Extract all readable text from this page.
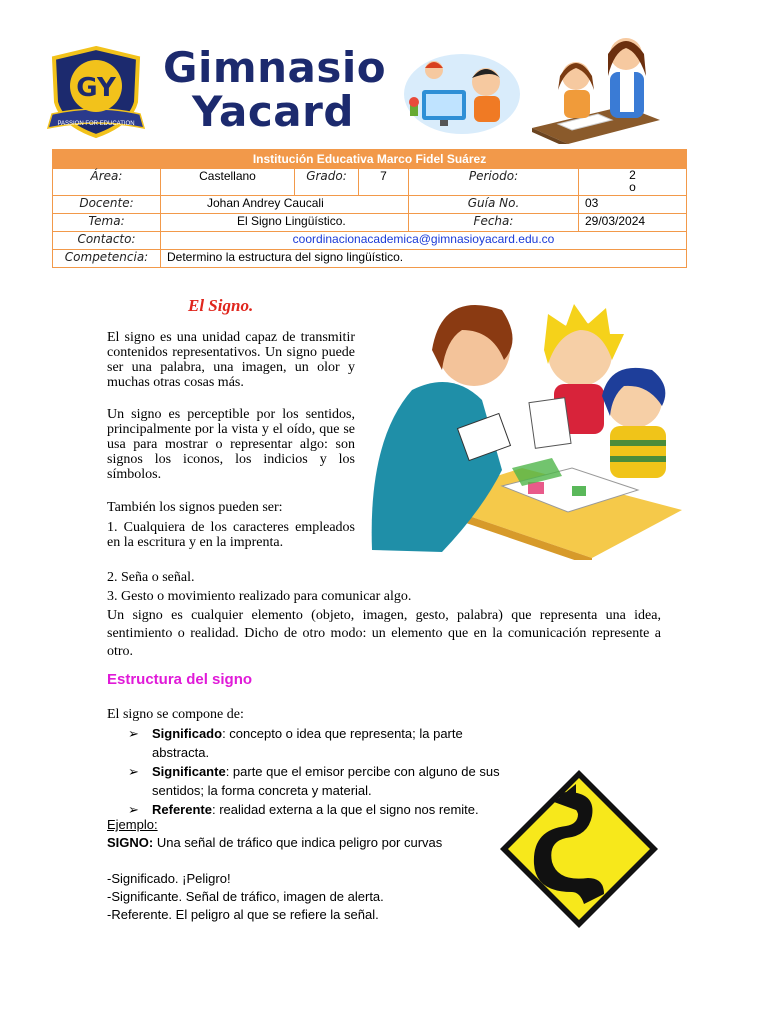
GY
PASSION FOR EDUCATION
Gimnasio
Yacard
Institución Educativa Marco Fidel Suárez					
Área:	Castellano	Grado:	7	Periodo:	2
o
Docente:	Johan Andrey Caucali			Guía No.	03
Tema:	El Signo Lingüístico.			Fecha:	29/03/2024
Contacto:	coordinacionacademica@gimnasioyacard.edu.co				
Competencia:	Determino la estructura del signo lingüístico.				
El Signo.
El signo es una unidad capaz de transmitir contenidos representativos. Un signo puede ser una palabra, una imagen, un olor y muchas otras cosas más.
Un signo es perceptible por los sentidos, principalmente por la vista y el oído, que se usa para mostrar o representar algo: son signos los iconos, los indicios y los símbolos.
También los signos pueden ser:
1. Cualquiera de los caracteres empleados en la escritura y en la imprenta.
2. Seña o señal.
3. Gesto o movimiento realizado para comunicar algo.
Un signo es cualquier elemento (objeto, imagen, gesto, palabra) que representa una idea, sentimiento o realidad. Dicho de otro modo: un elemento que en la comunicación represente a otro.
Estructura del signo
El signo se compone de:
➢ Significado: concepto o idea que representa; la parte abstracta.
➢ Significante: parte que el emisor percibe con alguno de sus sentidos; la forma concreta y material.
➢ Referente: realidad externa a la que el signo nos remite.
Ejemplo:
SIGNO: Una señal de tráfico que indica peligro por curvas
-Significado. ¡Peligro!
-Significante. Señal de tráfico, imagen de alerta.
-Referente. El peligro al que se refiere la señal.
